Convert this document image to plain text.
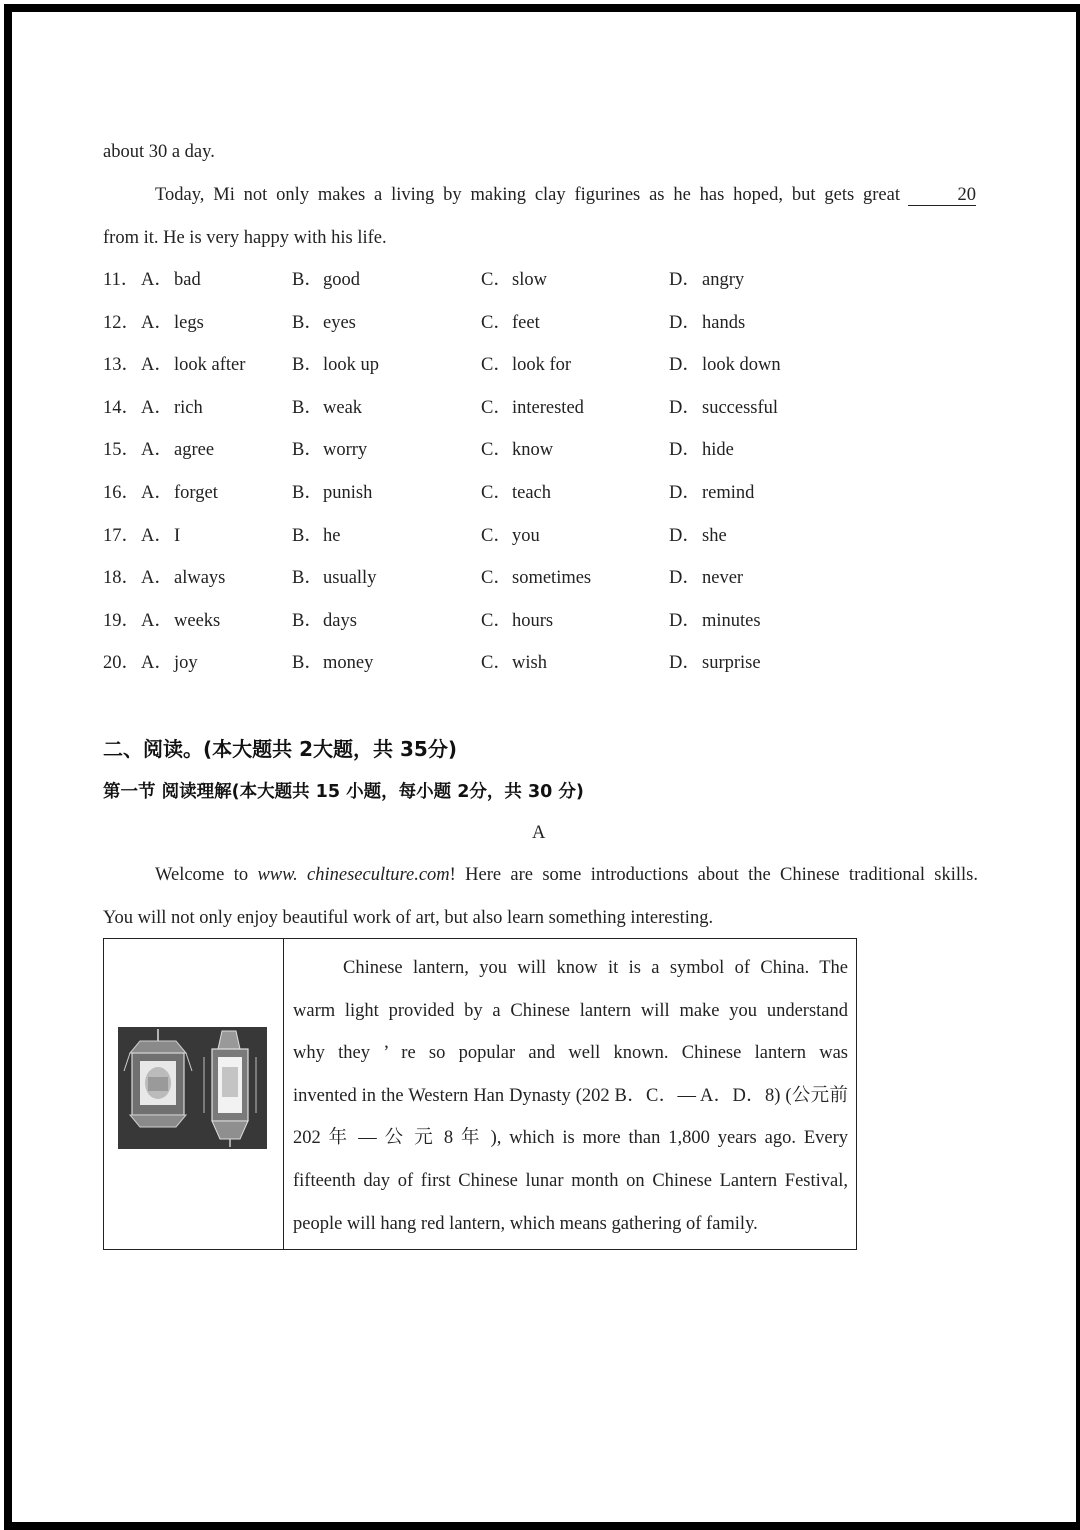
about 30 a day.
Today, Mi not only makes a living by making clay figurines as he has hoped, but gets great	20
from it. He is very happy with his life.
11． A． bad	B． good	C． slow	D． angry
12． A． legs	B． eyes	C． feet	D． hands
13． A． look after	B． look up	C． look for	D． look down
14． A． rich	B． weak	C． interested	D． successful
15． A． agree	B． worry	C． know	D． hide
16． A． forget	B． punish	C． teach	D． remind
17． A． I	B． he	C． you	D． she
18． A． always	B． usually	C． sometimes	D． never
19． A． weeks	B． days	C． hours	D． minutes
20． A． joy	B． money	C． wish	D． surprise
二、阅读。(本大题共 2大题，共 35分)
第一节 阅读理解(本大题共 15 小题，每小题 2分，共 30 分)
A
Welcome to www. chineseculture.com! Here are some introductions about the Chinese traditional skills.
You will not only enjoy beautiful work of art, but also learn something interesting.
Chinese lantern, you will know it is a symbol of China. The
warm light provided by a Chinese lantern will make you understand
why they ’ re so popular and well known. Chinese lantern was
invented in the Western Han Dynasty (202 B．C．— A．D．8) (公元前
202 年 — 公 元 8 年 ), which is more than 1,800 years ago. Every
fifteenth day of first Chinese lunar month on Chinese Lantern Festival,
people will hang red lantern, which means gathering of family.
